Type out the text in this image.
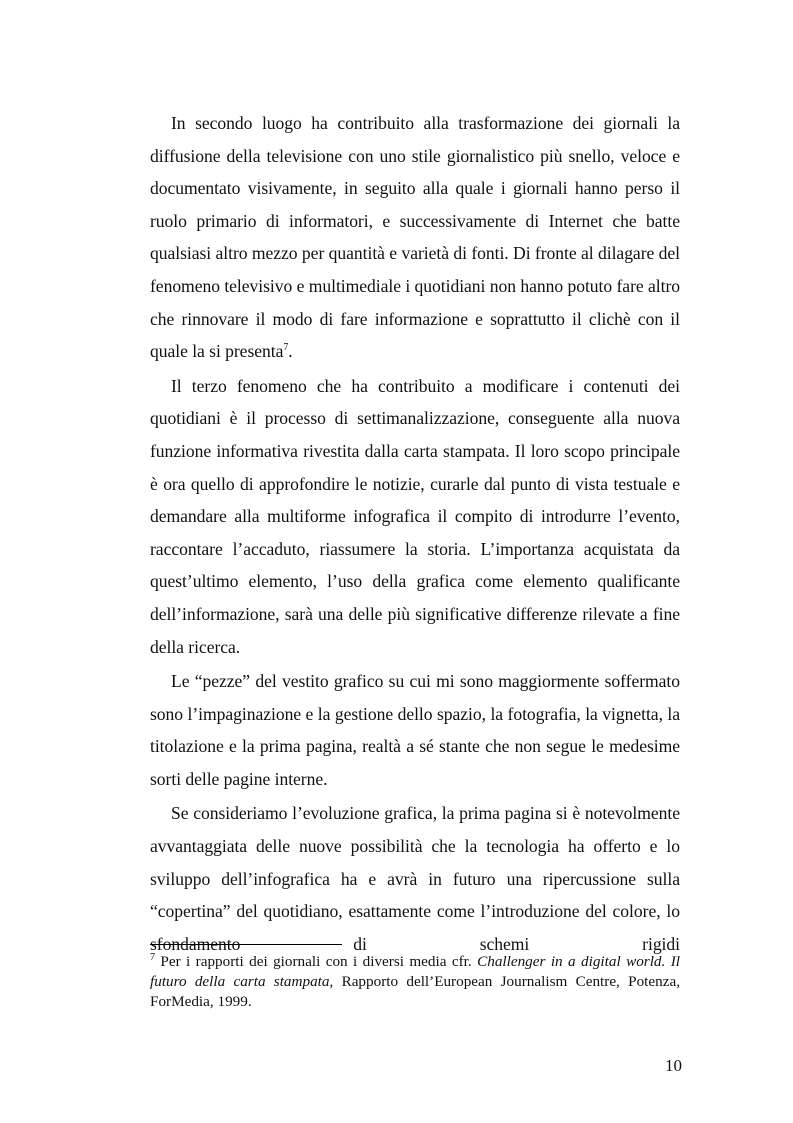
In secondo luogo ha contribuito alla trasformazione dei giornali la diffusione della televisione con uno stile giornalistico più snello, veloce e documentato visivamente, in seguito alla quale i giornali hanno perso il ruolo primario di informatori, e successivamente di Internet che batte qualsiasi altro mezzo per quantità e varietà di fonti. Di fronte al dilagare del fenomeno televisivo e multimediale i quotidiani non hanno potuto fare altro che rinnovare il modo di fare informazione e soprattutto il clichè con il quale la si presenta$^7$.

Il terzo fenomeno che ha contribuito a modificare i contenuti dei quotidiani è il processo di settimanalizzazione, conseguente alla nuova funzione informativa rivestita dalla carta stampata. Il loro scopo principale è ora quello di approfondire le notizie, curarle dal punto di vista testuale e demandare alla multiforme infografica il compito di introdurre l’evento, raccontare l’accaduto, riassumere la storia. L’importanza acquistata da quest’ultimo elemento, l’uso della grafica come elemento qualificante dell’informazione, sarà una delle più significative differenze rilevate a fine della ricerca.

Le “pezze” del vestito grafico su cui mi sono maggiormente soffermato sono l’impaginazione e la gestione dello spazio, la fotografia, la vignetta, la titolazione e la prima pagina, realtà a sé stante che non segue le medesime sorti delle pagine interne.

Se consideriamo l’evoluzione grafica, la prima pagina si è notevolmente avvantaggiata delle nuove possibilità che la tecnologia ha offerto e lo sviluppo dell’infografica ha e avrà in futuro una ripercussione sulla “copertina” del quotidiano, esattamente come l’introduzione del colore, lo sfondamento di schemi rigidi

$^7$ Per i rapporti dei giornali con i diversi media cfr. Challenger in a digital world. Il futuro della carta stampata, Rapporto dell’European Journalism Centre, Potenza, ForMedia, 1999.
10
